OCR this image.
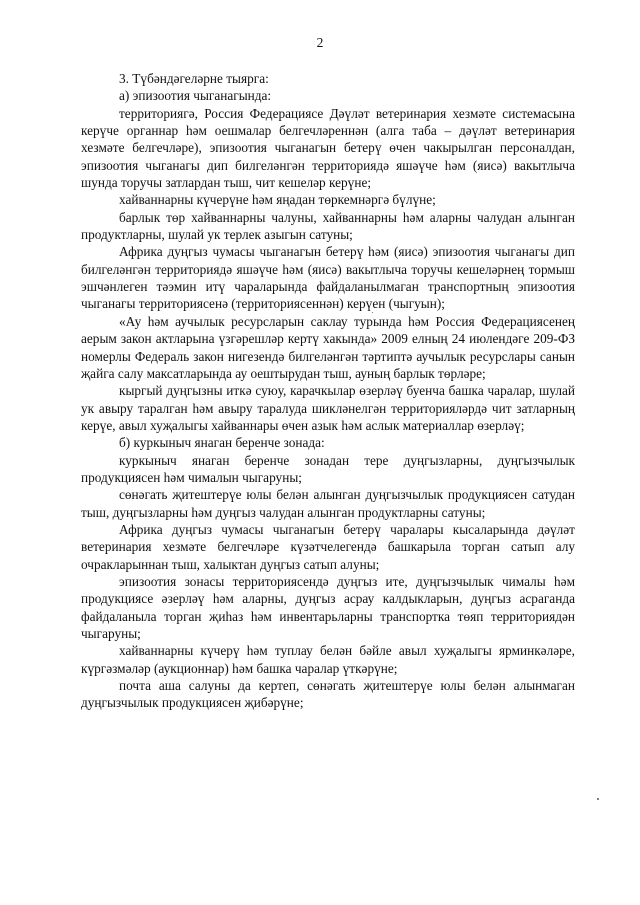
2

3. Түбәндәгеләрне тыярга:

а) эпизоотия чыганагында:

территориягә, Россия Федерациясе Дәүләт ветеринария хезмәте системасына керүче органнар һәм оешмалар белгечләреннән (алга таба – дәүләт ветеринария хезмәте белгечләре), эпизоотия чыганагын бетерү өчен чакырылган персоналдан, эпизоотия чыганагы дип билгеләнгән территориядә яшәүче һәм (яисә) вакытлыча шунда торучы затлардан тыш, чит кешеләр керүне;

хайваннарны күчерүне һәм яңадан төркемнәргә бүлүне;

барлык төр хайваннарны чалуны, хайваннарны һәм аларны чалудан алынган продуктларны, шулай ук терлек азыгын сатуны;

Африка дуңгыз чумасы чыганагын бетерү һәм (яисә) эпизоотия чыганагы дип билгеләнгән территориядә яшәүче һәм (яисә) вакытлыча торучы кешеләрнең тормыш эшчәнлеген тәэмин итү чараларында файдаланылмаган транспортның эпизоотия чыганагы территориясенә (территориясеннән) керүен (чыгуын);

«Ау һәм аучылык ресурсларын саклау турында һәм Россия Федерациясенең аерым закон актларына үзгәрешләр кертү хакында» 2009 елның 24 июлендәге 209-ФЗ номерлы Федераль закон нигезендә билгеләнгән тәртиптә аучылык ресурслары санын җайга салу максатларында ау оештырудан тыш, ауның барлык төрләре;

кыргый дуңгызны иткә суюу, карачкылар өзерләү буенча башка чаралар, шулай ук авыру таралган һәм авыру таралуда шикләнелгән территорияләрдә чит затларның керүе, авыл хуҗалыгы хайваннары өчен азык һәм аслык материаллар өзерләү;

б) куркыныч янаган беренче зонада:

куркыныч янаган беренче зонадан тере дуңгызларны, дуңгызчылык продукциясен һәм чималын чыгаруны;

сөнәгать җитештерүе юлы белән алынган дуңгызчылык продукциясен сатудан тыш, дуңгызларны һәм дуңгыз чалудан алынган продуктларны сатуны;

Африка дуңгыз чумасы чыганагын бетерү чаралары кысаларында дәүләт ветеринария хезмәте белгечләре күзәтчелегендә башкарыла торган сатып алу очракларыннан тыш, халыктан дуңгыз сатып алуны;

эпизоотия зонасы территориясендә дуңгыз ите, дуңгызчылык чималы һәм продукциясе әзерләү һәм аларны, дуңгыз асрау калдыкларын, дуңгыз асраганда файдаланыла торган җиһаз һәм инвентарьларны транспортка төяп территориядән чыгаруны;

хайваннарны күчерү һәм туплау белән бәйле авыл хуҗалыгы ярминкәләре, күргәзмәләр (аукционнар) һәм башка чаралар үткәрүне;

почта аша салуны да кертеп, сөнәгать җитештерүе юлы белән алынмаган дуңгызчылык продукциясен җибәрүне;
